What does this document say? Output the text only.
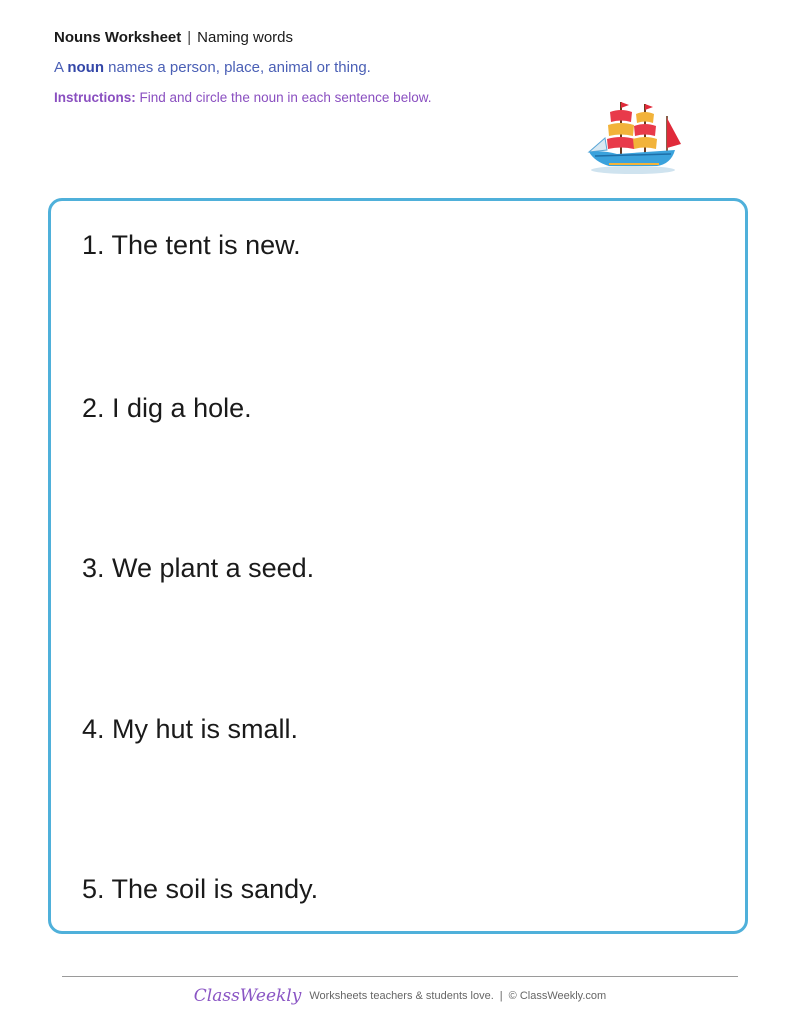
Nouns Worksheet | Naming words
A noun names a person, place, animal or thing.
Instructions: Find and circle the noun in each sentence below.
1. The tent is new.
2. I dig a hole.
3. We plant a seed.
4. My hut is small.
5. The soil is sandy.
ClassWeekly Worksheets teachers & students love. | © ClassWeekly.com
